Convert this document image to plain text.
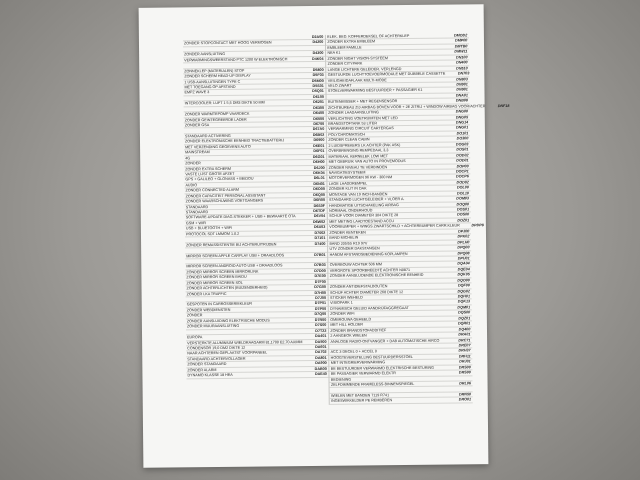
D2A00
ZONDER STOPCONTACT MET HOOG VERMOGEN	D4200
ZONDER AANSLUITING	D4300
VERWARMINGSWEERSTAND PTC 1200 W ELEKTRONISCH	D4K04
ZONNEKLEP (MATERIALEN) STOP	D5800
ZONDER SCHERM HEAD-UP DISPLAY	D5F03
1 USB-AANSLUITINGEN TYPE C	D5M00
MET TOEGANG OP AFSTAND	D5S01
EMPZ WAVE 3	D5Q01
D6100
INTERCOOLER: LUFT 1 5,5 DM3 DIKTE 50 MM	D6201
D6300
ZONDER WARMTEPOMP VAARDECK	D6400
ZONDER GEINTEGREERDE LADER	D6500
ZONDER GSA	D6700
D67A0
STANDAARD ACTIVERING	D6B02
ZONDER ELEKTRONISCHE EENHEID TRACTIEBATTERIJ	D6900
MET VERZENDING GEGEVENS AUTO	D6E01
MAINSTREAM	D6F01
4G	D6G01
ZONDER	D6H00
ZONDER EXTRA SCHERM	D6J00
VASTE LIJST GROTE AFZET	D6K04
GPS + GALILEO + GLONASS + BEIDOU	D6L01
AUDIO	D6N01
ZONDER CONNECTED ALARM	D6O00
ZONDER CAPACITEIT PERSONAL ASSISTANT	D6Q00
ZONDER WAARSCHUWING VOETGANGERS	D6R00
STANDAARD	D6S0F
STANDAARD	D6TDF
SOFTWARE-UPDATE DIAG.STEKKER + USB + BEWAARTE OTA	D6V04
GSM + WIFI	D6W02
USB + BLUETOOTH + WIFI	D6X03
PROTOCOL SDT LMMOM 1.0.2	D7002
D7101
ZONDER REMASSISTENTIE BIJ ACHTERUITRIJDEN	D7400
MIRROR SCREEN APPLE CARPLAY USB + DRAADLOOS	D7B01
MIRROR SCREEN ANDROID AUTO USB + DRAADLOOS	D7B03
ZONDER MIRROR SCREEN MIRRORLINK	D7D00
ZONDER MIRROR SCREEN BAIDU	D7E00
ZONDER MIRROR SCREEN SOL	D7F00
ZONDER ACHTERLICHTEN (BUIZENDERHEID)	D7G00
ZONDER LKA TRAFFIC	D7H00
D7J00
GESPOTEN IN CARROSSERIEKLEUR	D7P01
ZONDER WEBDIENSTEN	D7P00
ZONDER	D7Q00
ZONDER AANSLUIDING ELEKTRISCHE MODUS	D7R00
ZONDER MUURAANSLUITING	D7S00
D7T22
EUROPA	DA401
VERSTERKTE ALUMINIUM WIELDRAAGARM 81,1700 E2,70 AXIMM	DA500
CONDENSOR 19,0 DM2 DIKTE 12	DA601
NAAR ACHTEREN GEPLAATST VOORPANEEL	DA702
STANDAARD ACHTERVOLLAGER	DA801
ZONDER STANDAARD	DA900
ZONDER ALARM	DAB00
DYNAMO KLASSE 18 HEA	DAE40
ELEK. BED. KOFFERDEKSEL OF ACHTERKLEP	DMOD2
ZONDER EXTRA EMBLEEM	DMP00
EMBLEEM FAMILLE	DMTB0
NEA K1	DMW11
ZONDER NIGHT VISION-SYSTEEM	DN100
ZONDER CITYPARK	DN400
LANGE LICHTERE GELEIDER, VERLENGD	DN510
GESTUURDE LUCHTTOEVOERMODULE MET DUBBELE CASSETTE	DN703
VEILIGHEIDAFLAAK MULTI-MODE	DN803
VELO ZWART	DN901
STOELVERWARMING BESTUURDER + PASSAGIER K1	DN901
DNA01
BUITENMISSER + MET REGENSENSOR	DNB08
ZICHTBUREAU ZIJ-AIRBAG BOVEN VOOR + 2E ZITRIJ + WINDOW AIRBAG VOOR/ACHTER	DNF18
ZONDER LAADAANSLUITING	DNG00
VERLICHTING VOETRUIMTEN MET LED	DNG05
BRANDSTOFTANK 53 LITER	DNG14
VERWARMING CIRCUIT CARTERGAS	DNG01
POLYCHROMATISCH	DO101
ZONDER CLEAN CABIN	DO300
2 LUIDSPREKERS LK ACHTER (PAK ASK)	DOG03
OVERBRENGING REMPEDAAL 3,3	DOS01
MATERIAAL KERNELEK LOW MET	DOD02
MET GEBRUIK VAN AUTO IN PROVEMODUS	DOD01
ZONDER NIVEAU TE VERBINDEN	DOP00
NAVIGATIESYSTEEM	DOCP1
MOTORVERMOGEN 96 KW - 300 NM	DOCP6
LAGE LAADDREMPEL	DOD02
ZONDER KLIT IN DAK	DOL00
MONTAGE VAN 19 INCH-BANDEN	DOL10
STANDAARD LUCHTGELEIDER + VLOER A.	DOM03
HANDMATIGE UITSCHAKELING AIRBAG	DOQ00
NORMAAL ONDERHOUD	DOS01
SCHIJF VOOR DIAMETER 304 DIKTE 28	DOS00
MET METING LAADTOESTAND ACCU	DOZ01
VOORBUMPER + WINGS ZWARTSCHILD + ACHTERBUMPER CARR.KLEUR	DPDP8
ZONDER KENTEKEN	DPJ00
BAND MICHELIN	DPK02
BAND 205/55 R19 97V	DPLH0
UTV ZONDER DAKSTANGEN	DPQ00
HANDM AFSTANDSBEDIENING KOPLAMPEN	DPQ08
DPU01
OVERBOUW ACHTER 506 MM	DQA04
VERGROTE SPOORBREEDTE ACHTER N0871	DQE04
ZONDER AANSLUDENDE ELEKTRONISCHE EENHEID	DQK05
DQO00
ZONDER ANTIDIEFSTALBOUTEN	DQF00
SCHIJF ACHTER DIAMETER 268 DIKTE 12	DQG02
STICKER WEHELD	DQH01
VISIOPARK 1	DQK13
DYNAMISCH GELUID AANDRIJFAGGREGAAT	DQM01
ZONDER WIFI	DQS00
OMBROUWA GEHEELD	DQZ01
MET HILL HOLDER	DQR01
ZONDER BRANDSTOFADDITIEF	DQ400
2 AANGEOK WIELEN	DRA01
ANALOGE RADIO-ONTVANGER + DAB AUTOMATISCHE AIRCO	DRC71
DRE07
ACC 3 DECEL 0 + ACCEL 0	DRH37
HOOGTEVERSTELLING BESTUURDERSSTOEL	DRH11
MET INTEGRIERVERWARMING	DRJ01
BE BESTUURDER VERWARMD ELEKTRISCHE BESTURING	DRS00
BE PASSAGIER VERWARMD ELEKTR	DRS00
BEDIENING
ZELFDIMMENDE FRAMELESS-BINNENSPIEGEL	DRL06
WIELEN MET BANDEN 7119 R741	DRN50
INGESWIKKELDER PE REMBEREN	DRO01
